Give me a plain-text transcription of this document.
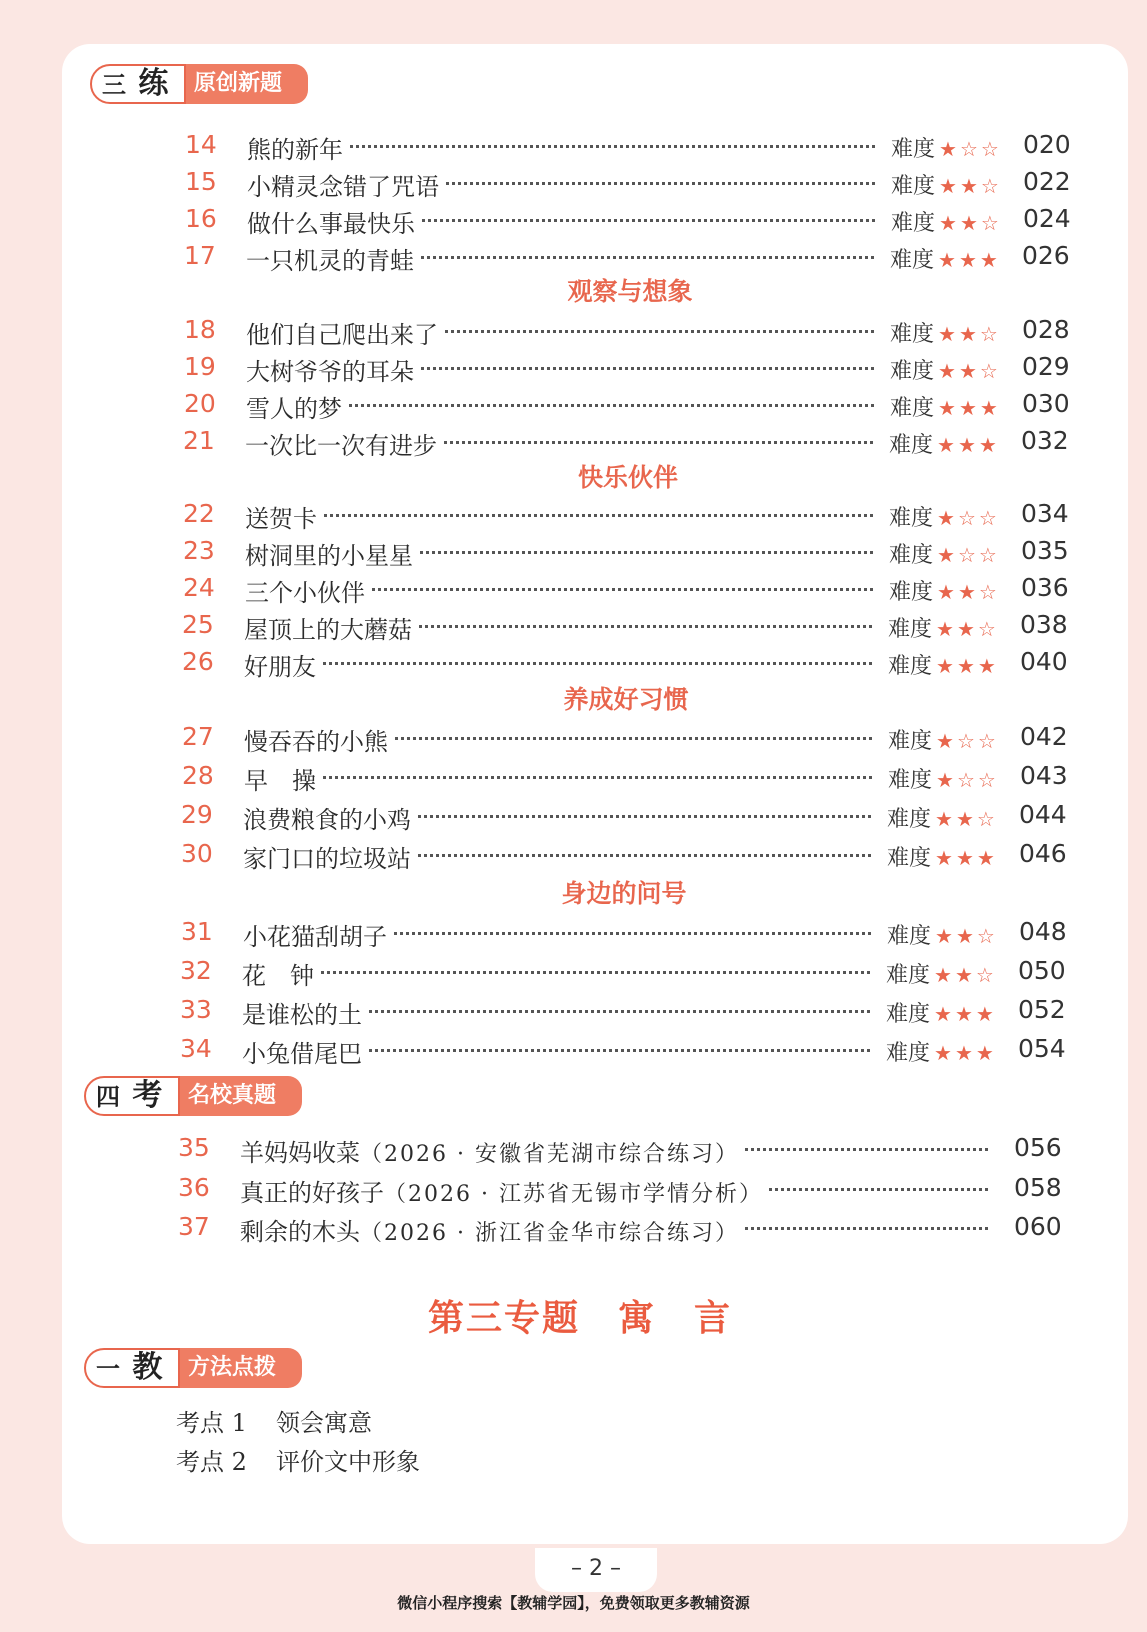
三 练	原创新题
14	熊的新年	难度 ★☆☆ 020
15	小精灵念错了咒语	难度 ★★☆ 022
16	做什么事最快乐	难度 ★★☆ 024
17	一只机灵的青蛙	难度 ★★★ 026
18	他们自己爬出来了	难度 ★★☆ 028
19	大树爷爷的耳朵	难度 ★★☆ 029
20	雪人的梦	难度 ★★★ 030
21	一次比一次有进步	难度 ★★★ 032
22	送贺卡	难度 ★☆☆ 034
23	树洞里的小星星	难度 ★☆☆ 035
24	三个小伙伴	难度 ★★☆ 036
25	屋顶上的大蘑菇	难度 ★★☆ 038
26	好朋友	难度 ★★★ 040
27	慢吞吞的小熊	难度 ★☆☆ 042
28	早　操	难度 ★☆☆ 043
29	浪费粮食的小鸡	难度 ★★☆ 044
30	家门口的垃圾站	难度 ★★★ 046
31	小花猫刮胡子	难度 ★★☆ 048
32	花　钟	难度 ★★☆ 050
33	是谁松的土	难度 ★★★ 052
34	小兔借尾巴	难度 ★★★ 054
观察与想象
快乐伙伴
养成好习惯
身边的问号
四 考	名校真题
35	羊妈妈收菜（2026 · 安徽省芜湖市综合练习）	056
36	真正的好孩子（2026 · 江苏省无锡市学情分析）	058
37	剩余的木头（2026 · 浙江省金华市综合练习）	060
第三专题　寓　言
一 教	方法点拨
考点 1 领会寓意
考点 2 评价文中形象
– 2 –
微信小程序搜索【教辅学园】，免费领取更多教辅资源
